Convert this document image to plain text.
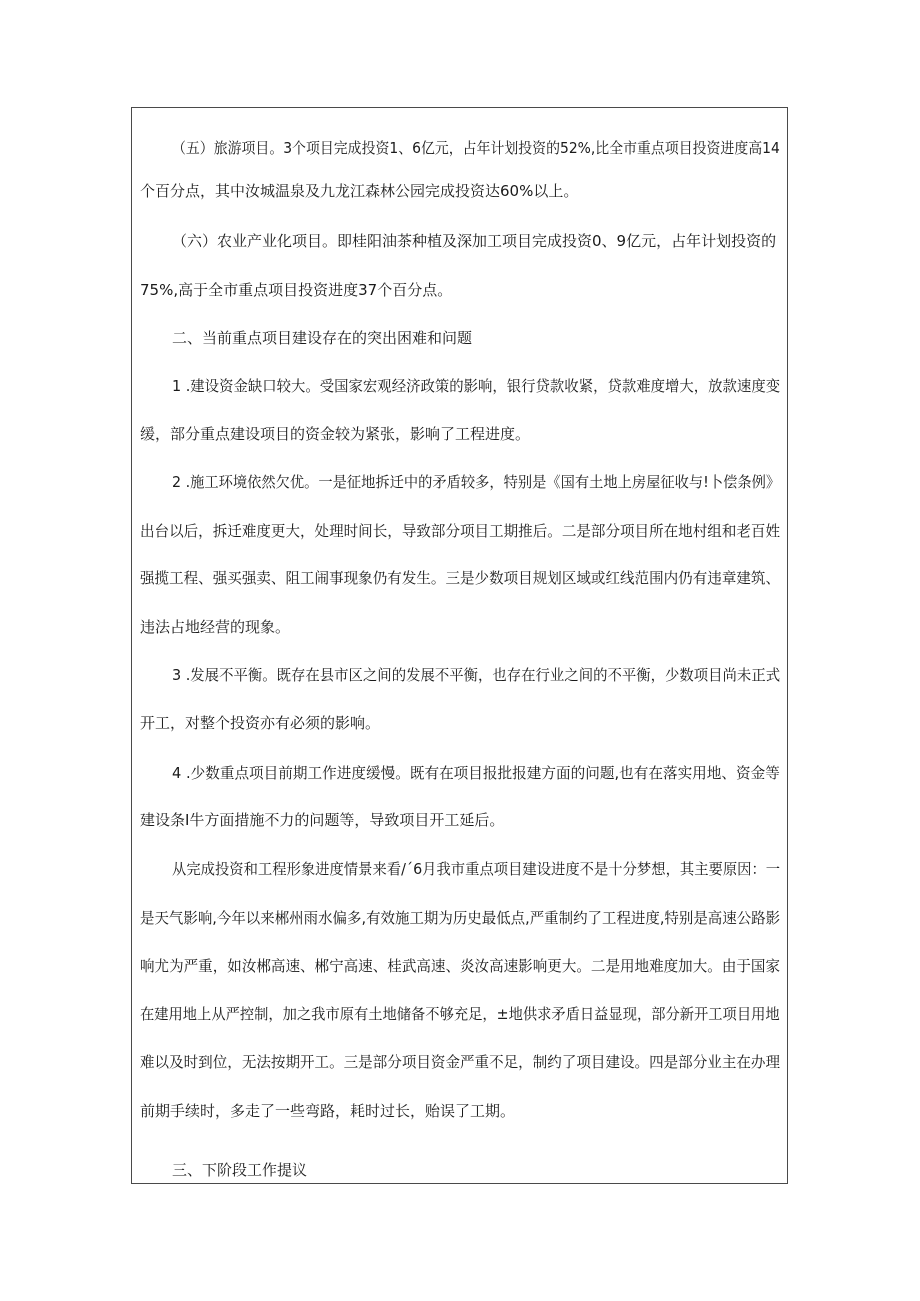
（五）旅游项目。3个项目完成投资1、6亿元，占年计划投资的52%,比全市重点项目投资进度高14
个百分点，其中汝城温泉及九龙江森林公园完成投资达60%以上。
（六）农业产业化项目。即桂阳油茶种植及深加工项目完成投资0、9亿元，占年计划投资的
75%,高于全市重点项目投资进度37个百分点。
二、当前重点项目建设存在的突出困难和问题
1 .建设资金缺口较大。受国家宏观经济政策的影响，银行贷款收紧，贷款难度增大，放款速度变
缓，部分重点建设项目的资金较为紧张，影响了工程进度。
2 .施工环境依然欠优。一是征地拆迁中的矛盾较多，特别是《国有土地上房屋征收与!卜偿条例》
出台以后，拆迁难度更大，处理时间长，导致部分项目工期推后。二是部分项目所在地村组和老百姓
强揽工程、强买强卖、阻工闹事现象仍有发生。三是少数项目规划区域或红线范围内仍有违章建筑、
违法占地经营的现象。
3 .发展不平衡。既存在县市区之间的发展不平衡，也存在行业之间的不平衡，少数项目尚未正式
开工，对整个投资亦有必须的影响。
4 .少数重点项目前期工作进度缓慢。既有在项目报批报建方面的问题,也有在落实用地、资金等
建设条I牛方面措施不力的问题等，导致项目开工延后。
从完成投资和工程形象进度情景来看/´6月我市重点项目建设进度不是十分梦想，其主要原因：一
是天气影响,今年以来郴州雨水偏多,有效施工期为历史最低点,严重制约了工程进度,特别是高速公路影
响尤为严重，如汝郴高速、郴宁高速、桂武高速、炎汝高速影响更大。二是用地难度加大。由于国家
在建用地上从严控制，加之我市原有土地储备不够充足，±地供求矛盾日益显现，部分新开工项目用地
难以及时到位，无法按期开工。三是部分项目资金严重不足，制约了项目建设。四是部分业主在办理
前期手续时，多走了一些弯路，耗时过长，贻误了工期。
三、下阶段工作提议
